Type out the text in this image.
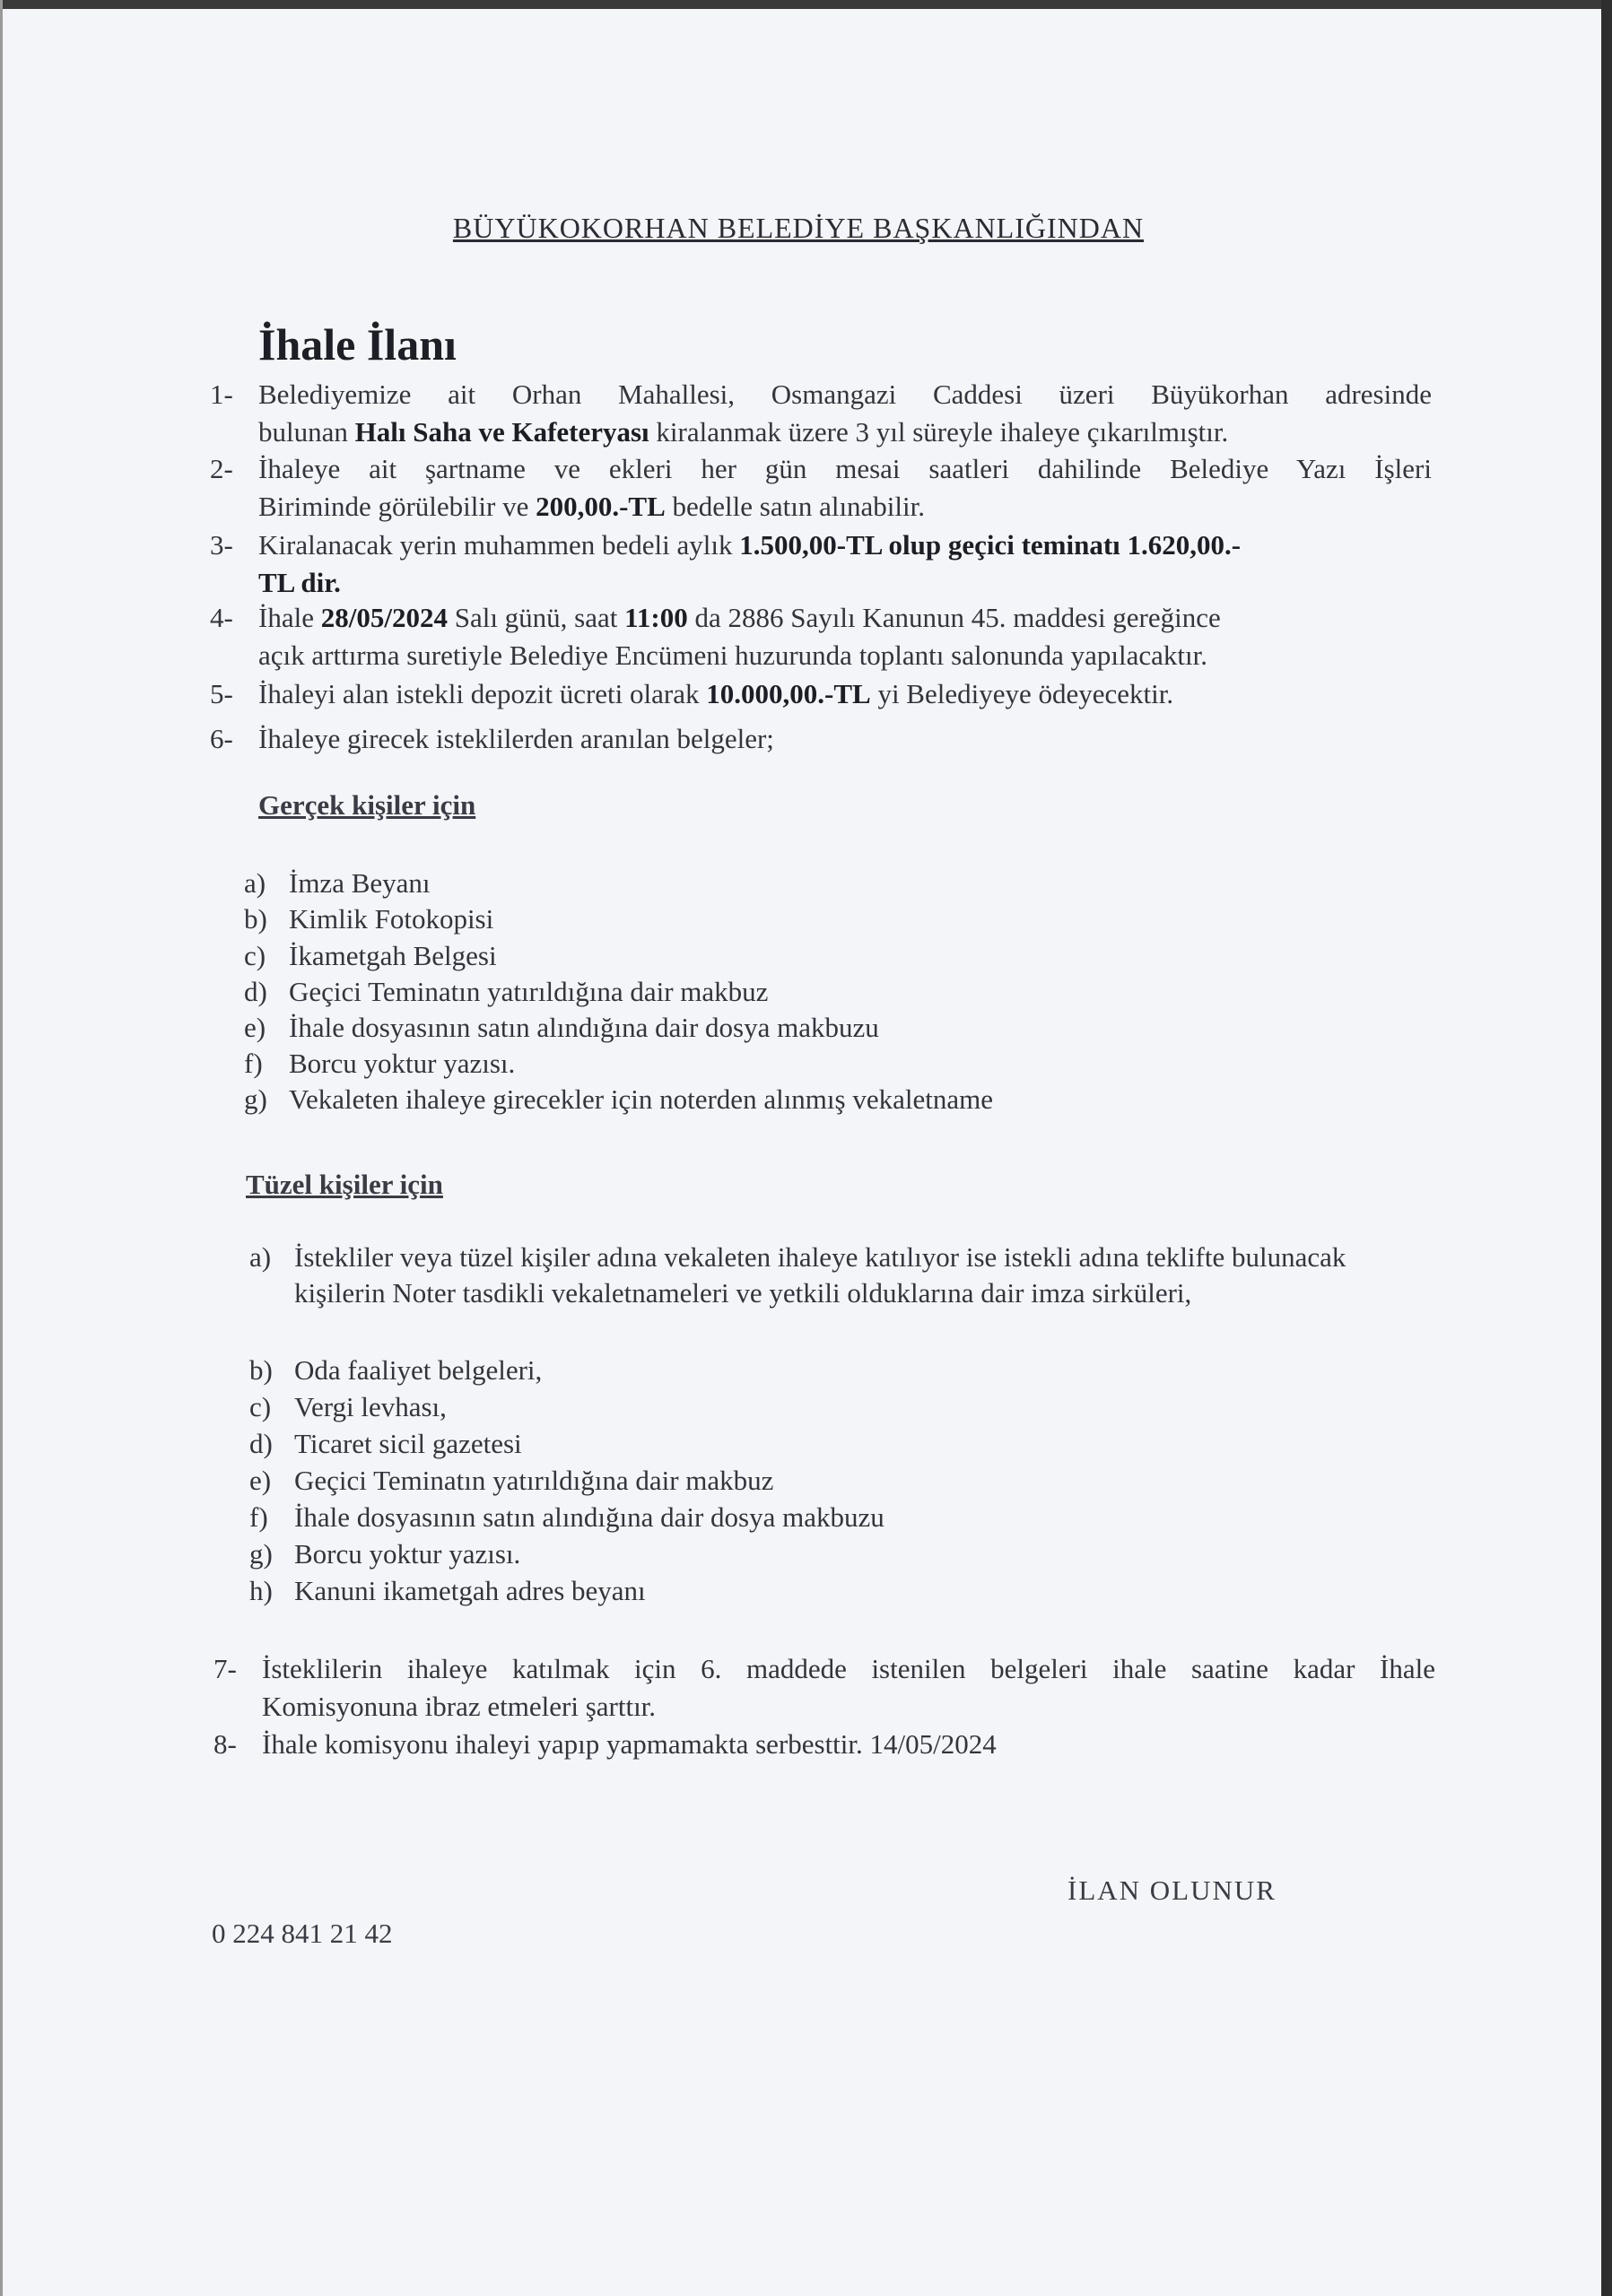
BÜYÜKOKORHAN BELEDİYE BAŞKANLIĞINDAN
İhale İlanı
1- Belediyemize ait Orhan Mahallesi, Osmangazi Caddesi üzeri Büyükorhan adresinde
bulunan Halı Saha ve Kafeteryası kiralanmak üzere 3 yıl süreyle ihaleye çıkarılmıştır.
2- İhaleye ait şartname ve ekleri her gün mesai saatleri dahilinde Belediye Yazı İşleri
Biriminde görülebilir ve 200,00.-TL bedelle satın alınabilir.
3- Kiralanacak yerin muhammen bedeli aylık 1.500,00-TL olup geçici teminatı 1.620,00.-
TL dir.
4- İhale 28/05/2024 Salı günü, saat 11:00 da 2886 Sayılı Kanunun 45. maddesi gereğince
açık arttırma suretiyle Belediye Encümeni huzurunda toplantı salonunda yapılacaktır.
5- İhaleyi alan istekli depozit ücreti olarak 10.000,00.-TL yi Belediyeye ödeyecektir.
6- İhaleye girecek isteklilerden aranılan belgeler;
Gerçek kişiler için
a) İmza Beyanı
b) Kimlik Fotokopisi
c) İkametgah Belgesi
d) Geçici Teminatın yatırıldığına dair makbuz
e) İhale dosyasının satın alındığına dair dosya makbuzu
f) Borcu yoktur yazısı.
g) Vekaleten ihaleye girecekler için noterden alınmış vekaletname
Tüzel kişiler için
a) İstekliler veya tüzel kişiler adına vekaleten ihaleye katılıyor ise istekli adına teklifte bulunacak kişilerin Noter tasdikli vekaletnameleri ve yetkili olduklarına dair imza sirküleri,
b) Oda faaliyet belgeleri,
c) Vergi levhası,
d) Ticaret sicil gazetesi
e) Geçici Teminatın yatırıldığına dair makbuz
f) İhale dosyasının satın alındığına dair dosya makbuzu
g) Borcu yoktur yazısı.
h) Kanuni ikametgah adres beyanı
7- İsteklilerin ihaleye katılmak için 6. maddede istenilen belgeleri ihale saatine kadar İhale
Komisyonuna ibraz etmeleri şarttır.
8- İhale komisyonu ihaleyi yapıp yapmamakta serbesttir. 14/05/2024
İLAN OLUNUR
0 224 841 21 42
